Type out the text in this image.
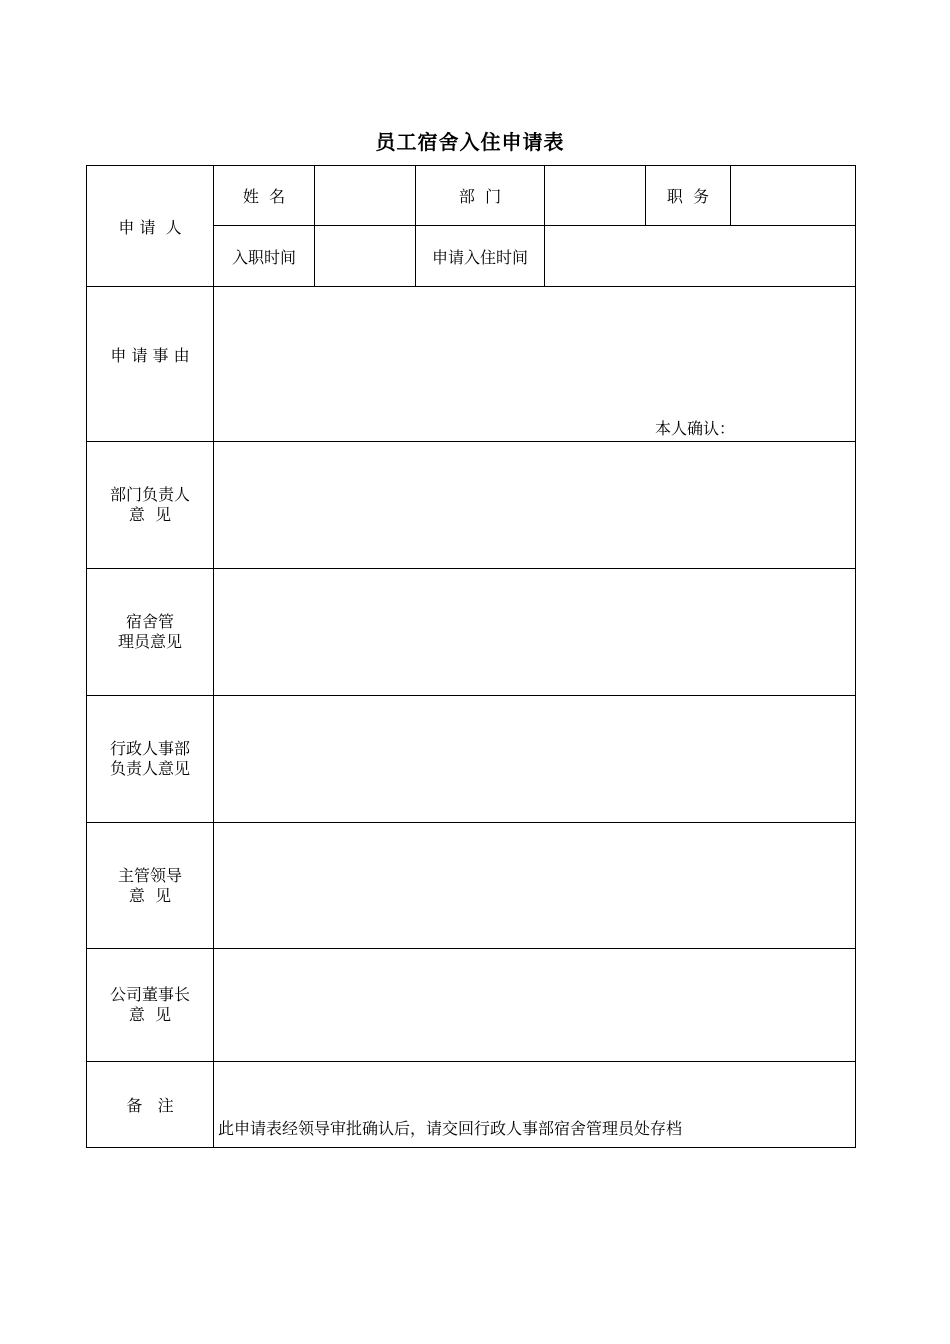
员工宿舍入住申请表
申 请  人	姓  名		部  门		职  务	
	入职时间		申请入住时间			
申 请 事 由	本人确认：					

部门负责人
意  见						

宿舍管
理员意见						

行政人事部
负责人意见						

主管领导
意  见						

公司董事长
意  见						

备   注	此申请表经领导审批确认后，请交回行政人事部宿舍管理员处存档					
